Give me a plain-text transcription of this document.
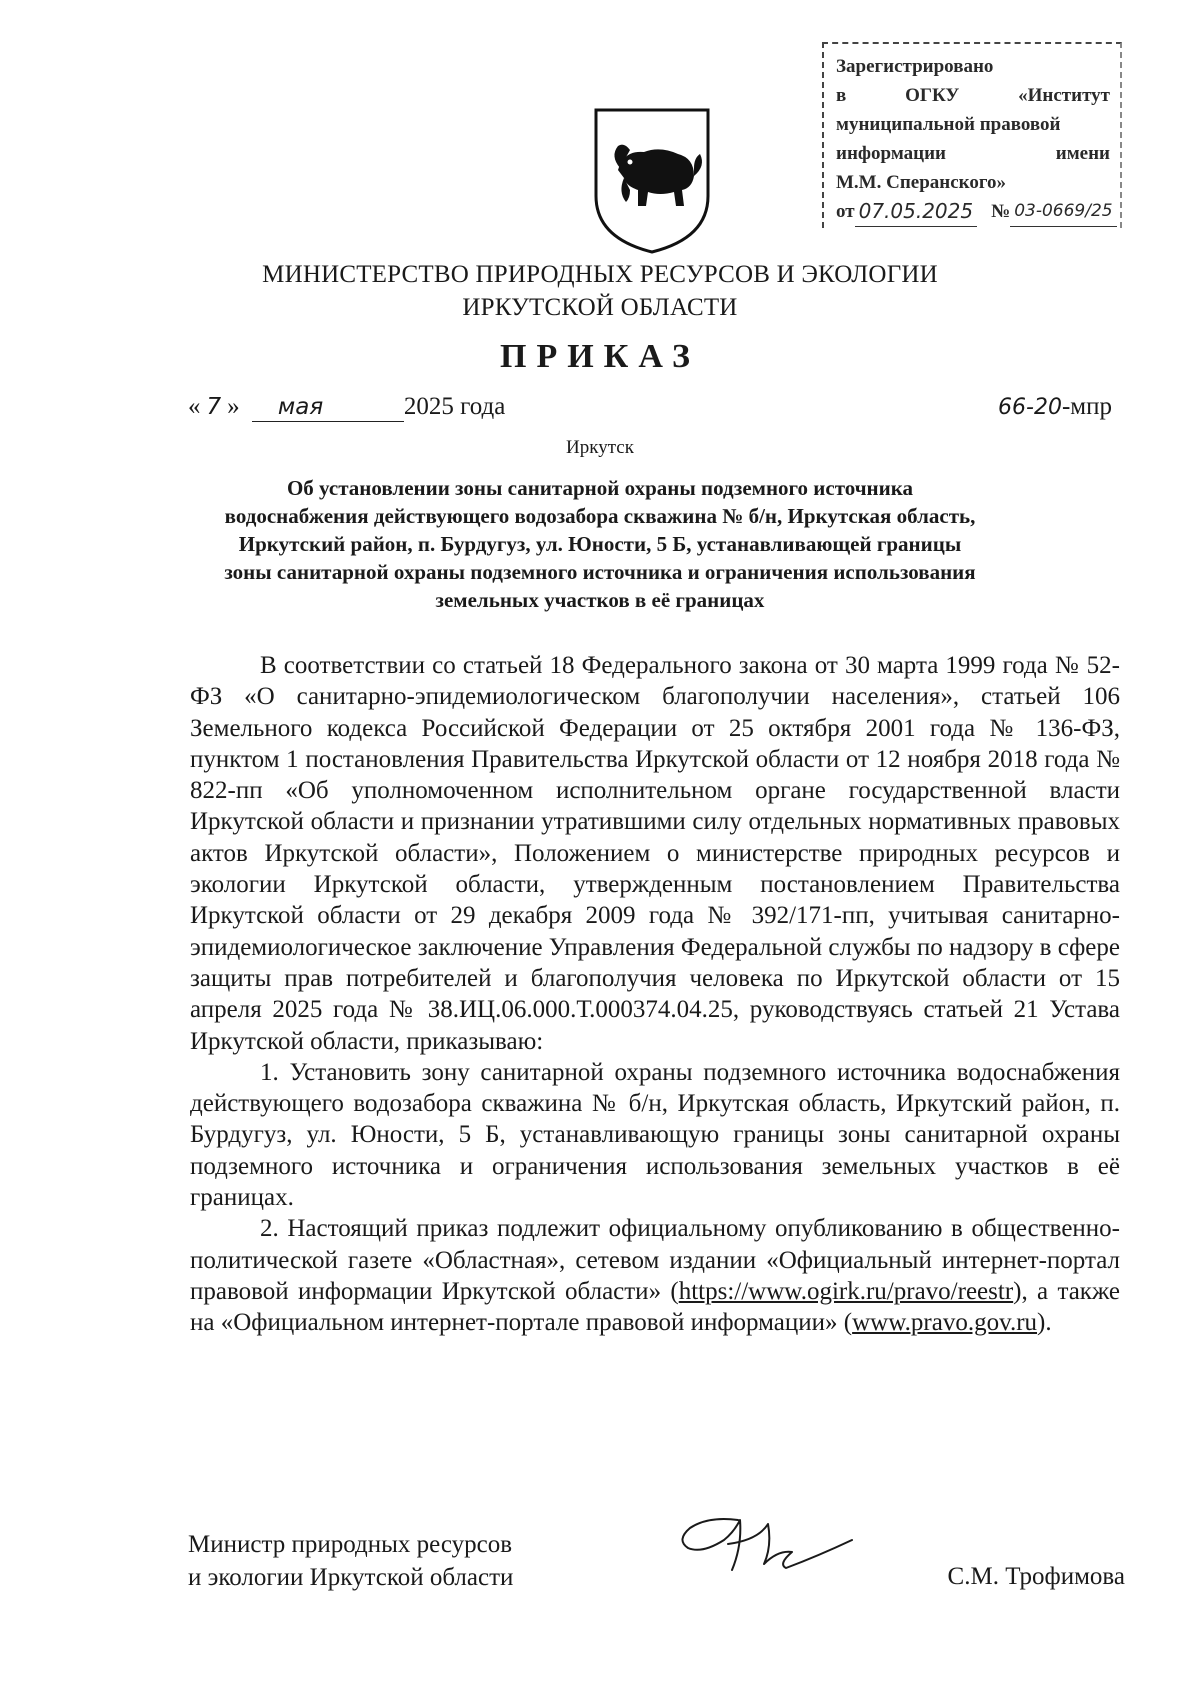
Зарегистрировано
в	ОГКУ	«Институт
муниципальной правовой
информации	имени
М.М. Сперанского»
от 07.05.2025 № 03-0669/25
МИНИСТЕРСТВО ПРИРОДНЫХ РЕСУРСОВ И ЭКОЛОГИИ
ИРКУТСКОЙ ОБЛАСТИ
ПРИКАЗ
« 7 » мая	2025 года	66-20-мпр
Иркутск
Об установлении зоны санитарной охраны подземного источника водоснабжения действующего водозабора скважина № б/н, Иркутская область, Иркутский район, п. Бурдугуз, ул. Юности, 5 Б, устанавливающей границы зоны санитарной охраны подземного источника и ограничения использования земельных участков в её границах

В соответствии со статьей 18 Федерального закона от 30 марта 1999 года № 52-ФЗ «О санитарно-эпидемиологическом благополучии населения», статьей 106 Земельного кодекса Российской Федерации от 25 октября 2001 года № 136-ФЗ, пунктом 1 постановления Правительства Иркутской области от 12 ноября 2018 года № 822-пп «Об уполномоченном исполнительном органе государственной власти Иркутской области и признании утратившими силу отдельных нормативных правовых актов Иркутской области», Положением о министерстве природных ресурсов и экологии Иркутской области, утвержденным постановлением Правительства Иркутской области от 29 декабря 2009 года № 392/171-пп, учитывая санитарно-эпидемиологическое заключение Управления Федеральной службы по надзору в сфере защиты прав потребителей и благополучия человека по Иркутской области от 15 апреля 2025 года № 38.ИЦ.06.000.Т.000374.04.25, руководствуясь статьей 21 Устава Иркутской области, приказываю:

1. Установить зону санитарной охраны подземного источника водоснабжения действующего водозабора скважина № б/н, Иркутская область, Иркутский район, п. Бурдугуз, ул. Юности, 5 Б, устанавливающую границы зоны санитарной охраны подземного источника и ограничения использования земельных участков в её границах.

2. Настоящий приказ подлежит официальному опубликованию в общественно-политической газете «Областная», сетевом издании «Официальный интернет-портал правовой информации Иркутской области» (https://www.ogirk.ru/pravo/reestr), а также на «Официальном интернет-портале правовой информации» (www.pravo.gov.ru).

Министр природных ресурсов
и экологии Иркутской области	С.М. Трофимова
